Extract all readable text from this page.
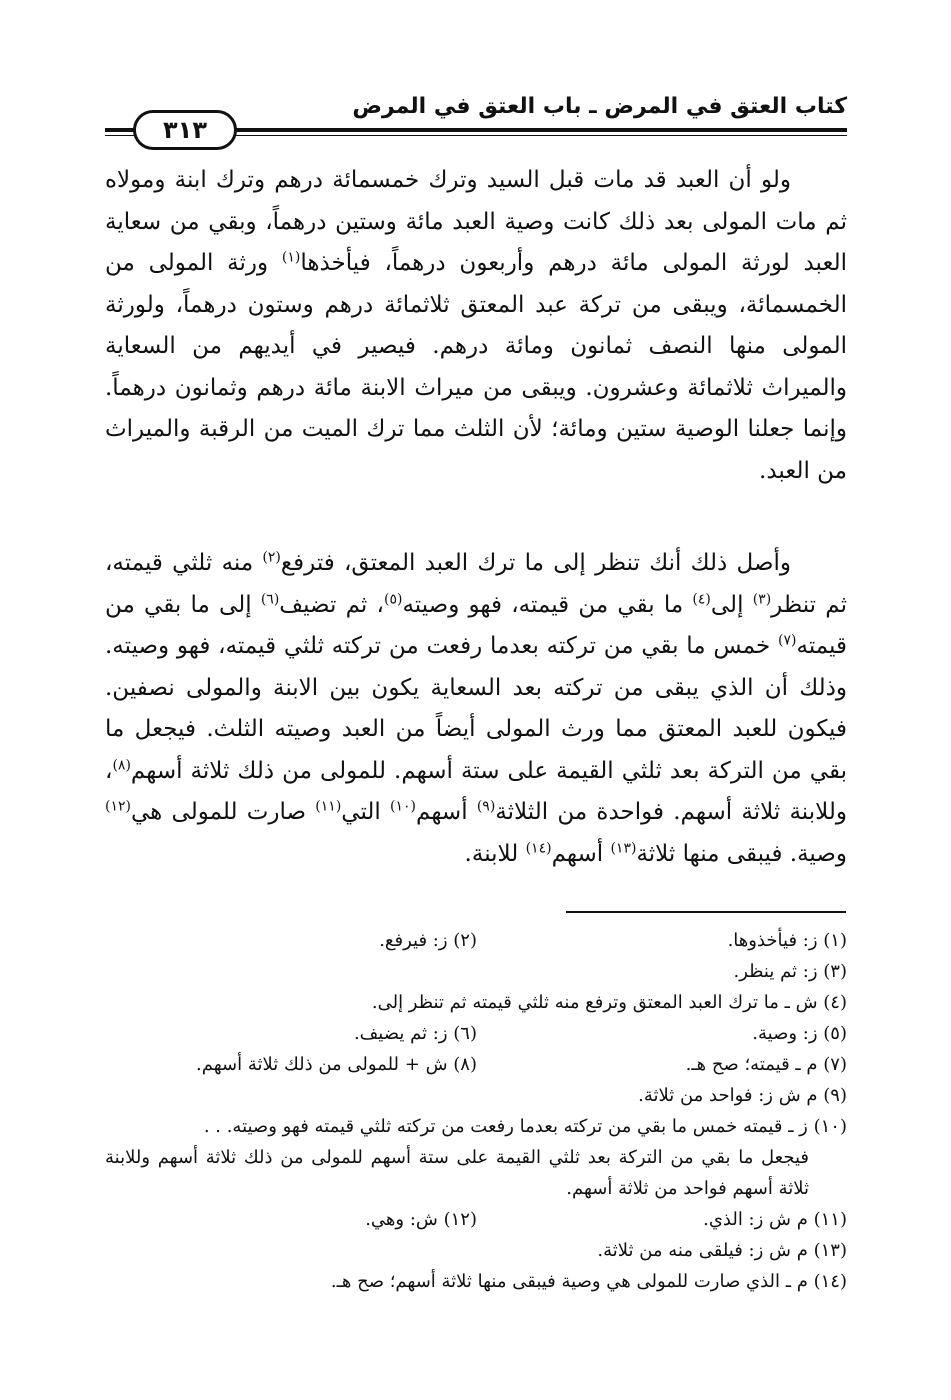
كتاب العتق في المرض ـ باب العتق في المرض
٣١٣

ولو أن العبد قد مات قبل السيد وترك خمسمائة درهم وترك ابنة ومولاه ثم مات المولى بعد ذلك كانت وصية العبد مائة وستين درهماً، وبقي من سعاية العبد لورثة المولى مائة درهم وأربعون درهماً، فيأخذها$^{(١)}$ ورثة المولى من الخمسمائة، ويبقى من تركة عبد المعتق ثلاثمائة درهم وستون درهماً، ولورثة المولى منها النصف ثمانون ومائة درهم. فيصير في أيديهم من السعاية والميراث ثلاثمائة وعشرون. ويبقى من ميراث الابنة مائة درهم وثمانون درهماً. وإنما جعلنا الوصية ستين ومائة؛ لأن الثلث مما ترك الميت من الرقبة والميراث من العبد.

وأصل ذلك أنك تنظر إلى ما ترك العبد المعتق، فترفع$^{(٢)}$ منه ثلثي قيمته، ثم تنظر$^{(٣)}$ إلى$^{(٤)}$ ما بقي من قيمته، فهو وصيته$^{(٥)}$، ثم تضيف$^{(٦)}$ إلى ما بقي من قيمته$^{(٧)}$ خمس ما بقي من تركته بعدما رفعت من تركته ثلثي قيمته، فهو وصيته. وذلك أن الذي يبقى من تركته بعد السعاية يكون بين الابنة والمولى نصفين. فيكون للعبد المعتق مما ورث المولى أيضاً من العبد وصيته الثلث. فيجعل ما بقي من التركة بعد ثلثي القيمة على ستة أسهم. للمولى من ذلك ثلاثة أسهم$^{(٨)}$، وللابنة ثلاثة أسهم. فواحدة من الثلاثة$^{(٩)}$ أسهم$^{(١٠)}$ التي$^{(١١)}$ صارت للمولى هي$^{(١٢)}$ وصية. فيبقى منها ثلاثة$^{(١٣)}$ أسهم$^{(١٤)}$ للابنة.

(١) ز: فيأخذوها.
(٢) ز: فيرفع.
(٣) ز: ثم ينظر.
(٤) ش ـ ما ترك العبد المعتق وترفع منه ثلثي قيمته ثم تنظر إلى.
(٥) ز: وصية.
(٦) ز: ثم يضيف.
(٧) م ـ قيمته؛ صح هـ.
(٨) ش + للمولى من ذلك ثلاثة أسهم.
(٩) م ش ز: فواحد من ثلاثة.
(١٠) ز ـ قيمته خمس ما بقي من تركته بعدما رفعت من تركته ثلثي قيمته فهو وصيته. . .
فيجعل ما بقي من التركة بعد ثلثي القيمة على ستة أسهم للمولى من ذلك ثلاثة أسهم وللابنة ثلاثة أسهم فواحد من ثلاثة أسهم.
(١١) م ش ز: الذي.
(١٢) ش: وهي.
(١٣) م ش ز: فيلقى منه من ثلاثة.
(١٤) م ـ الذي صارت للمولى هي وصية فيبقى منها ثلاثة أسهم؛ صح هـ.
